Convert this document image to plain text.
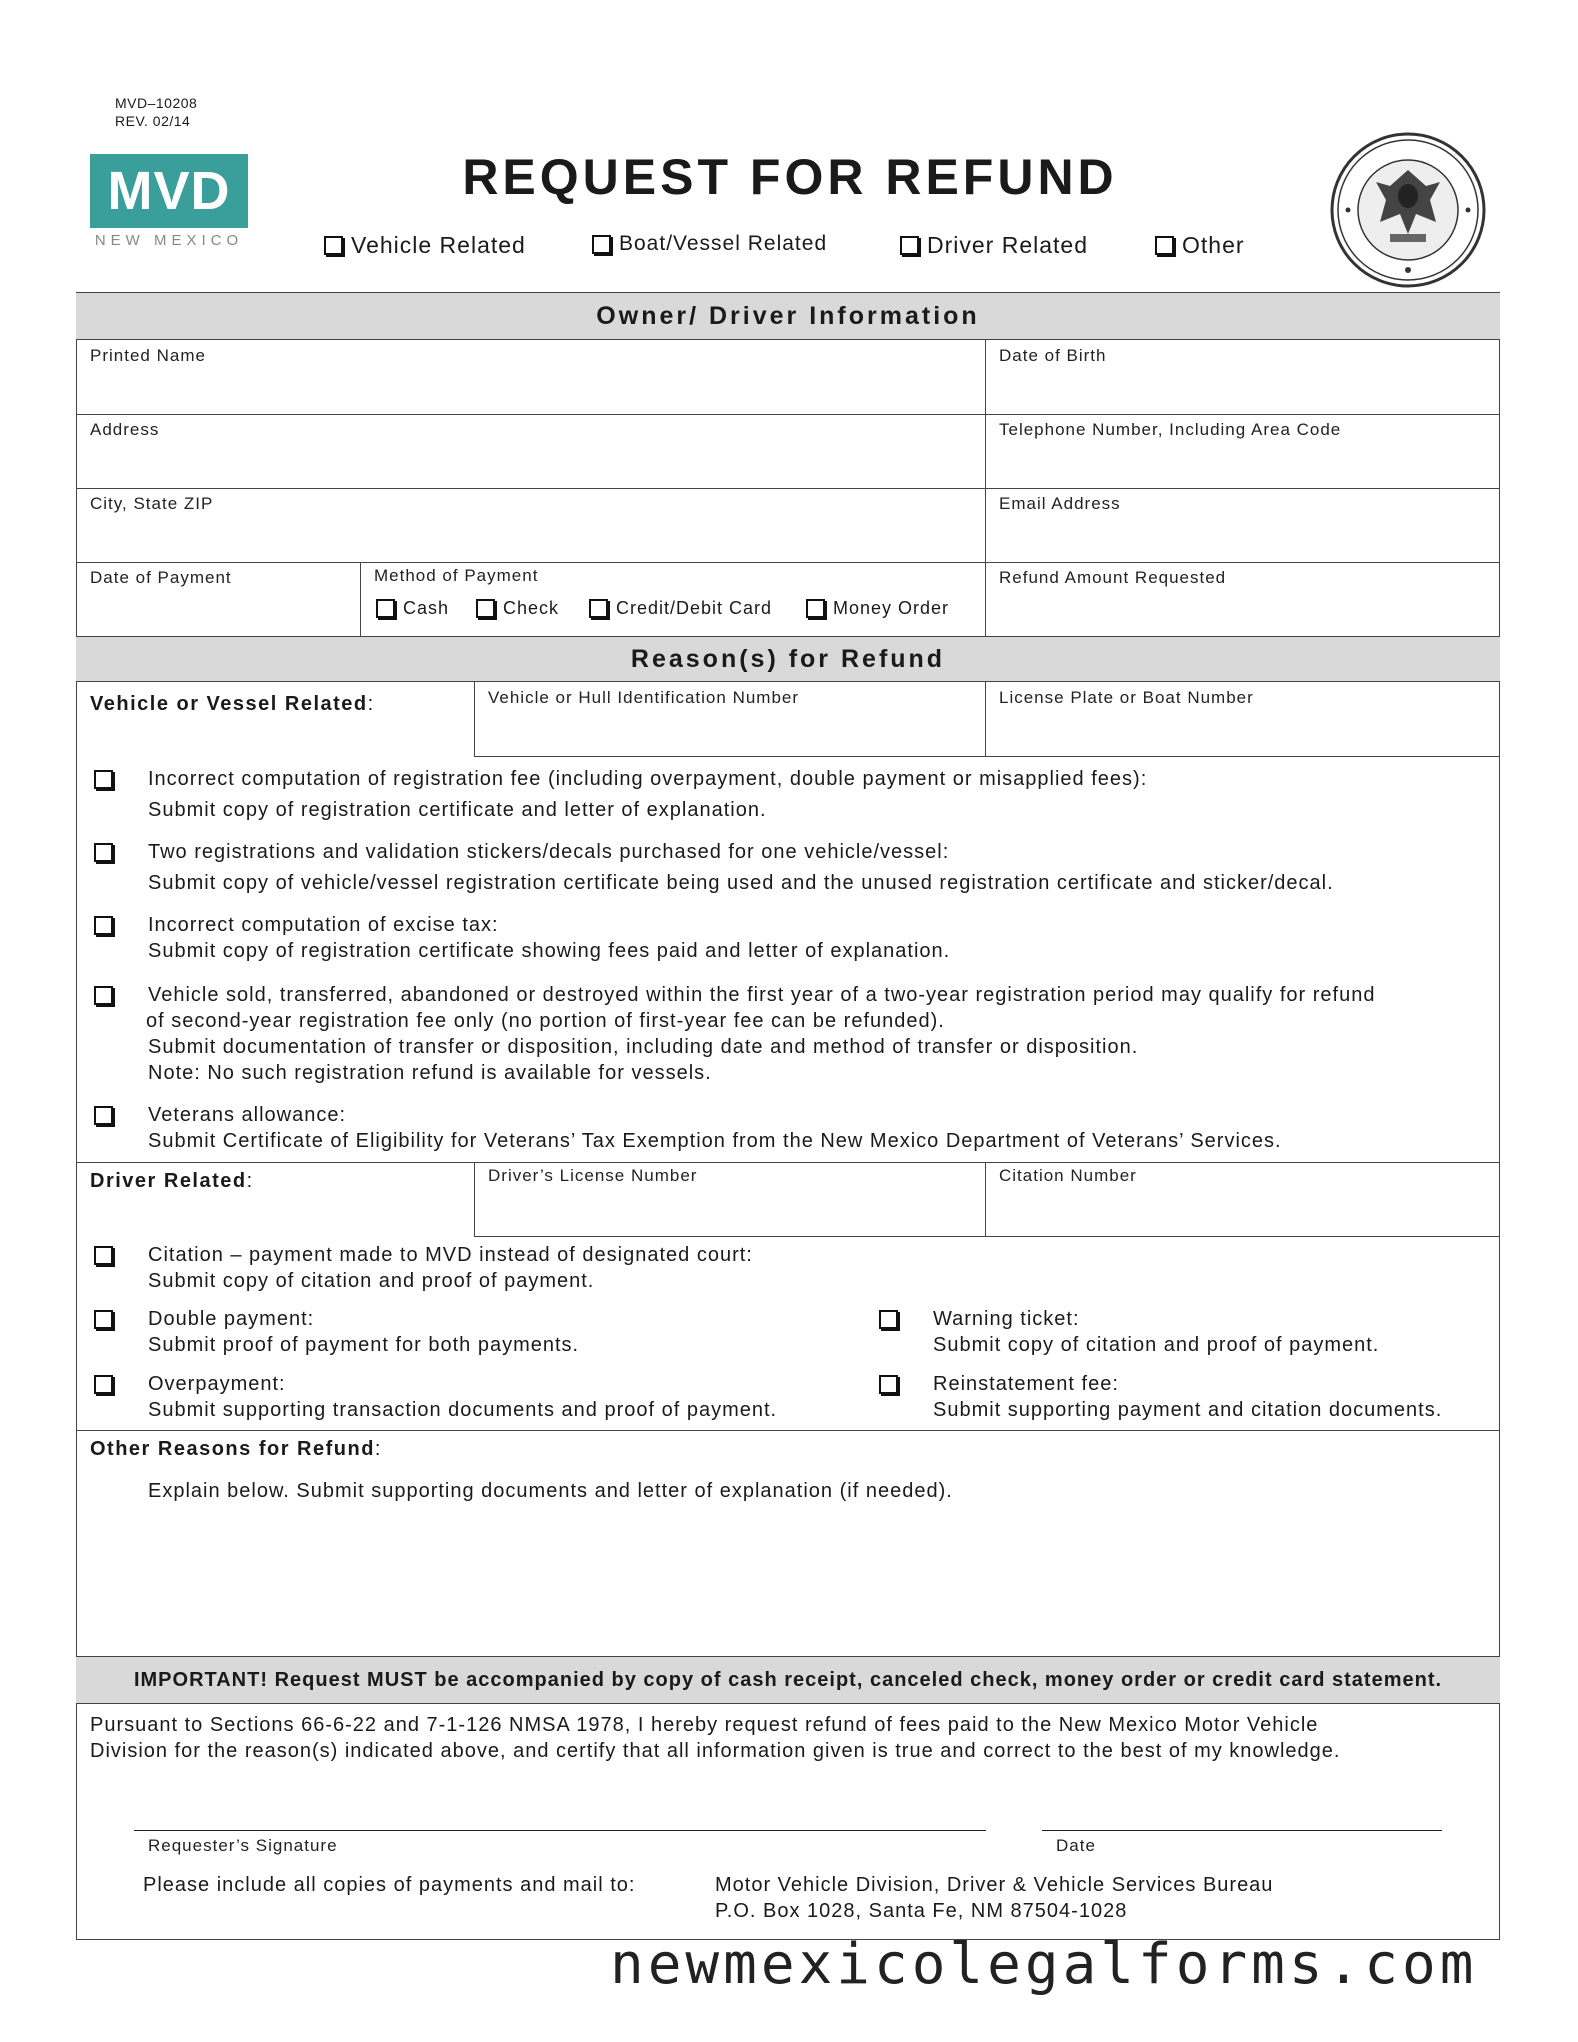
MVD–10208
REV. 02/14
MVD
NEW MEXICO
REQUEST FOR REFUND
Vehicle Related	Boat/Vessel Related	Driver Related	Other
Owner/ Driver Information
Printed Name	Date of Birth
Address	Telephone Number, Including Area Code
City, State ZIP	Email Address
Date of Payment	Method of Payment	Refund Amount Requested
Cash	Check	Credit/Debit Card	Money Order
Reason(s) for Refund
Vehicle or Vessel Related:	Vehicle or Hull Identification Number	License Plate or Boat Number
Incorrect computation of registration fee (including overpayment, double payment or misapplied fees):
Submit copy of registration certificate and letter of explanation.
Two registrations and validation stickers/decals purchased for one vehicle/vessel:
Submit copy of vehicle/vessel registration certificate being used and the unused registration certificate and sticker/decal.
Incorrect computation of excise tax:
Submit copy of registration certificate showing fees paid and letter of explanation.
Vehicle sold, transferred, abandoned or destroyed within the first year of a two-year registration period may qualify for refund
of second-year registration fee only (no portion of first-year fee can be refunded).
Submit documentation of transfer or disposition, including date and method of transfer or disposition.
Note: No such registration refund is available for vessels.
Veterans allowance:
Submit Certificate of Eligibility for Veterans’ Tax Exemption from the New Mexico Department of Veterans’ Services.
Driver Related:	Driver’s License Number	Citation Number
Citation – payment made to MVD instead of designated court:
Submit copy of citation and proof of payment.
Double payment:
Submit proof of payment for both payments.
Warning ticket:
Submit copy of citation and proof of payment.
Overpayment:
Submit supporting transaction documents and proof of payment.
Reinstatement fee:
Submit supporting payment and citation documents.
Other Reasons for Refund:
Explain below. Submit supporting documents and letter of explanation (if needed).
IMPORTANT! Request MUST be accompanied by copy of cash receipt, canceled check, money order or credit card statement.
Pursuant to Sections 66-6-22 and 7-1-126 NMSA 1978, I hereby request refund of fees paid to the New Mexico Motor Vehicle
Division for the reason(s) indicated above, and certify that all information given is true and correct to the best of my knowledge.
Requester’s Signature	Date
Please include all copies of payments and mail to:	Motor Vehicle Division, Driver & Vehicle Services Bureau
P.O. Box 1028, Santa Fe, NM 87504-1028
newmexicolegalforms.com
